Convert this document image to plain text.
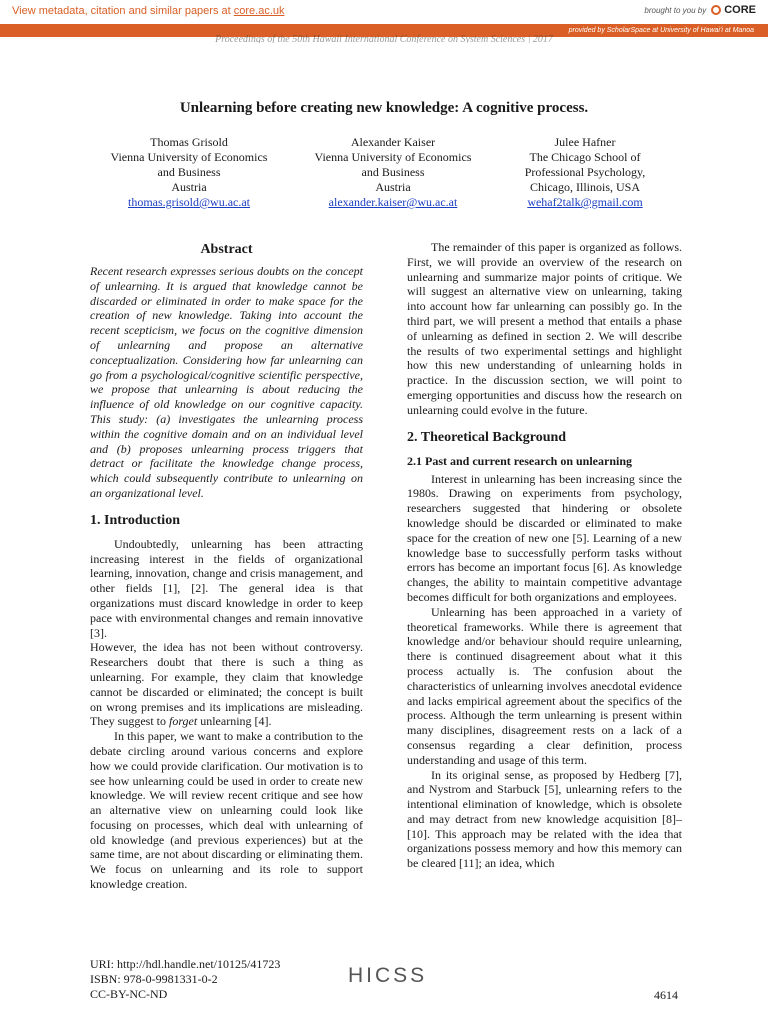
View metadata, citation and similar papers at core.ac.uk	brought to you by CORE
provided by ScholarSpace at University of Hawai'i at Manoa
Proceedings of the 50th Hawaii International Conference on System Sciences | 2017
Unlearning before creating new knowledge: A cognitive process.
Thomas Grisold
Vienna University of Economics
and Business
Austria
thomas.grisold@wu.ac.at
Alexander Kaiser
Vienna University of Economics
and Business
Austria
alexander.kaiser@wu.ac.at
Julee Hafner
The Chicago School of
Professional Psychology,
Chicago, Illinois, USA
wehaf2talk@gmail.com
Abstract

Recent research expresses serious doubts on the concept of unlearning. It is argued that knowledge cannot be discarded or eliminated in order to make space for the creation of new knowledge. Taking into account the recent scepticism, we focus on the cognitive dimension of unlearning and propose an alternative conceptualization. Considering how far unlearning can go from a psychological/cognitive scientific perspective, we propose that unlearning is about reducing the influence of old knowledge on our cognitive capacity. This study: (a) investigates the unlearning process within the cognitive domain and on an individual level and (b) proposes unlearning process triggers that detract or facilitate the knowledge change process, which could subsequently contribute to unlearning on an organizational level.

1. Introduction

Undoubtedly, unlearning has been attracting increasing interest in the fields of organizational learning, innovation, change and crisis management, and other fields [1], [2]. The general idea is that organizations must discard knowledge in order to keep pace with environmental changes and remain innovative [3].

However, the idea has not been without controversy. Researchers doubt that there is such a thing as unlearning. For example, they claim that knowledge cannot be discarded or eliminated; the concept is built on wrong premises and its implications are misleading. They suggest to forget unlearning [4].

In this paper, we want to make a contribution to the debate circling around various concerns and explore how we could provide clarification. Our motivation is to see how unlearning could be used in order to create new knowledge. We will review recent critique and see how an alternative view on unlearning could look like focusing on processes, which deal with unlearning of old knowledge (and previous experiences) but at the same time, are not about discarding or eliminating them. We focus on unlearning and its role to support knowledge creation.

The remainder of this paper is organized as follows. First, we will provide an overview of the research on unlearning and summarize major points of critique. We will suggest an alternative view on unlearning, taking into account how far unlearning can possibly go. In the third part, we will present a method that entails a phase of unlearning as defined in section 2. We will describe the results of two experimental settings and highlight how this new understanding of unlearning holds in practice. In the discussion section, we will point to emerging opportunities and discuss how the research on unlearning could evolve in the future.

2. Theoretical Background
2.1 Past and current research on unlearning

Interest in unlearning has been increasing since the 1980s. Drawing on experiments from psychology, researchers suggested that hindering or obsolete knowledge should be discarded or eliminated to make space for the creation of new one [5]. Learning of a new knowledge base to successfully perform tasks without errors has become an important focus [6]. As knowledge changes, the ability to maintain competitive advantage becomes difficult for both organizations and employees.

Unlearning has been approached in a variety of theoretical frameworks. While there is agreement that knowledge and/or behaviour should require unlearning, there is continued disagreement about what it this process actually is. The confusion about the characteristics of unlearning involves anecdotal evidence and lacks empirical agreement about the specifics of the process. Although the term unlearning is present within many disciplines, disagreement rests on a lack of a consensus regarding a clear definition, process understanding and usage of this term.

In its original sense, as proposed by Hedberg [7], and Nystrom and Starbuck [5], unlearning refers to the intentional elimination of knowledge, which is obsolete and may detract from new knowledge acquisition [8]–[10]. This approach may be related with the idea that organizations possess memory and how this memory can be cleared [11]; an idea, which

URI: http://hdl.handle.net/10125/41723
ISBN: 978-0-9981331-0-2
CC-BY-NC-ND
HICSS
4614
